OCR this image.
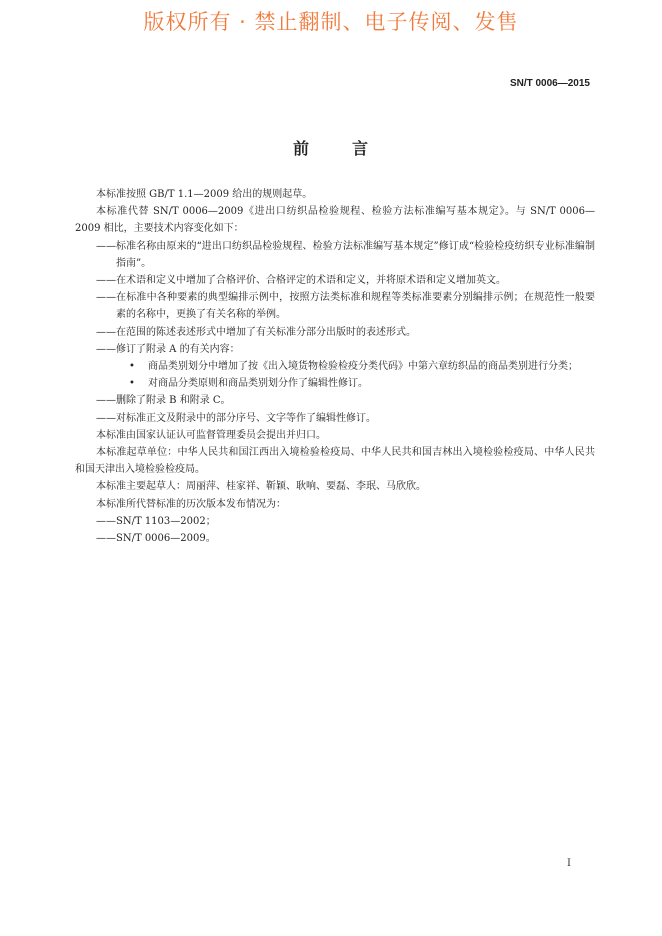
版权所有 · 禁止翻制、电子传阅、发售
SN/T 0006—2015
前	言

本标准按照 GB/T 1.1—2009 给出的规则起草。

本标准代替 SN/T 0006—2009《进出口纺织品检验规程、检验方法标准编写基本规定》。与 SN/T 0006—2009 相比，主要技术内容变化如下：

—— 标准名称由原来的“进出口纺织品检验规程、检验方法标准编写基本规定”修订成“检验检疫纺织专业标准编制指南”。

—— 在术语和定义中增加了合格评价、合格评定的术语和定义，并将原术语和定义增加英文。

—— 在标准中各种要素的典型编排示例中，按照方法类标准和规程等类标准要素分别编排示例；在规范性一般要素的名称中，更换了有关名称的举例。

—— 在范围的陈述表述形式中增加了有关标准分部分出版时的表述形式。

—— 修订了附录 A 的有关内容：

• 商品类别划分中增加了按《出入境货物检验检疫分类代码》中第六章纺织品的商品类别进行分类；

• 对商品分类原则和商品类别划分作了编辑性修订。

—— 删除了附录 B 和附录 C。

—— 对标准正文及附录中的部分序号、文字等作了编辑性修订。

本标准由国家认证认可监督管理委员会提出并归口。

本标准起草单位：中华人民共和国江西出入境检验检疫局、中华人民共和国吉林出入境检验检疫局、中华人民共和国天津出入境检验检疫局。

本标准主要起草人：周丽萍、桂家祥、靳颖、耿响、要磊、李珉、马欣欣。

本标准所代替标准的历次版本发布情况为：

—— SN/T 1103—2002；

—— SN/T 0006—2009。

I
